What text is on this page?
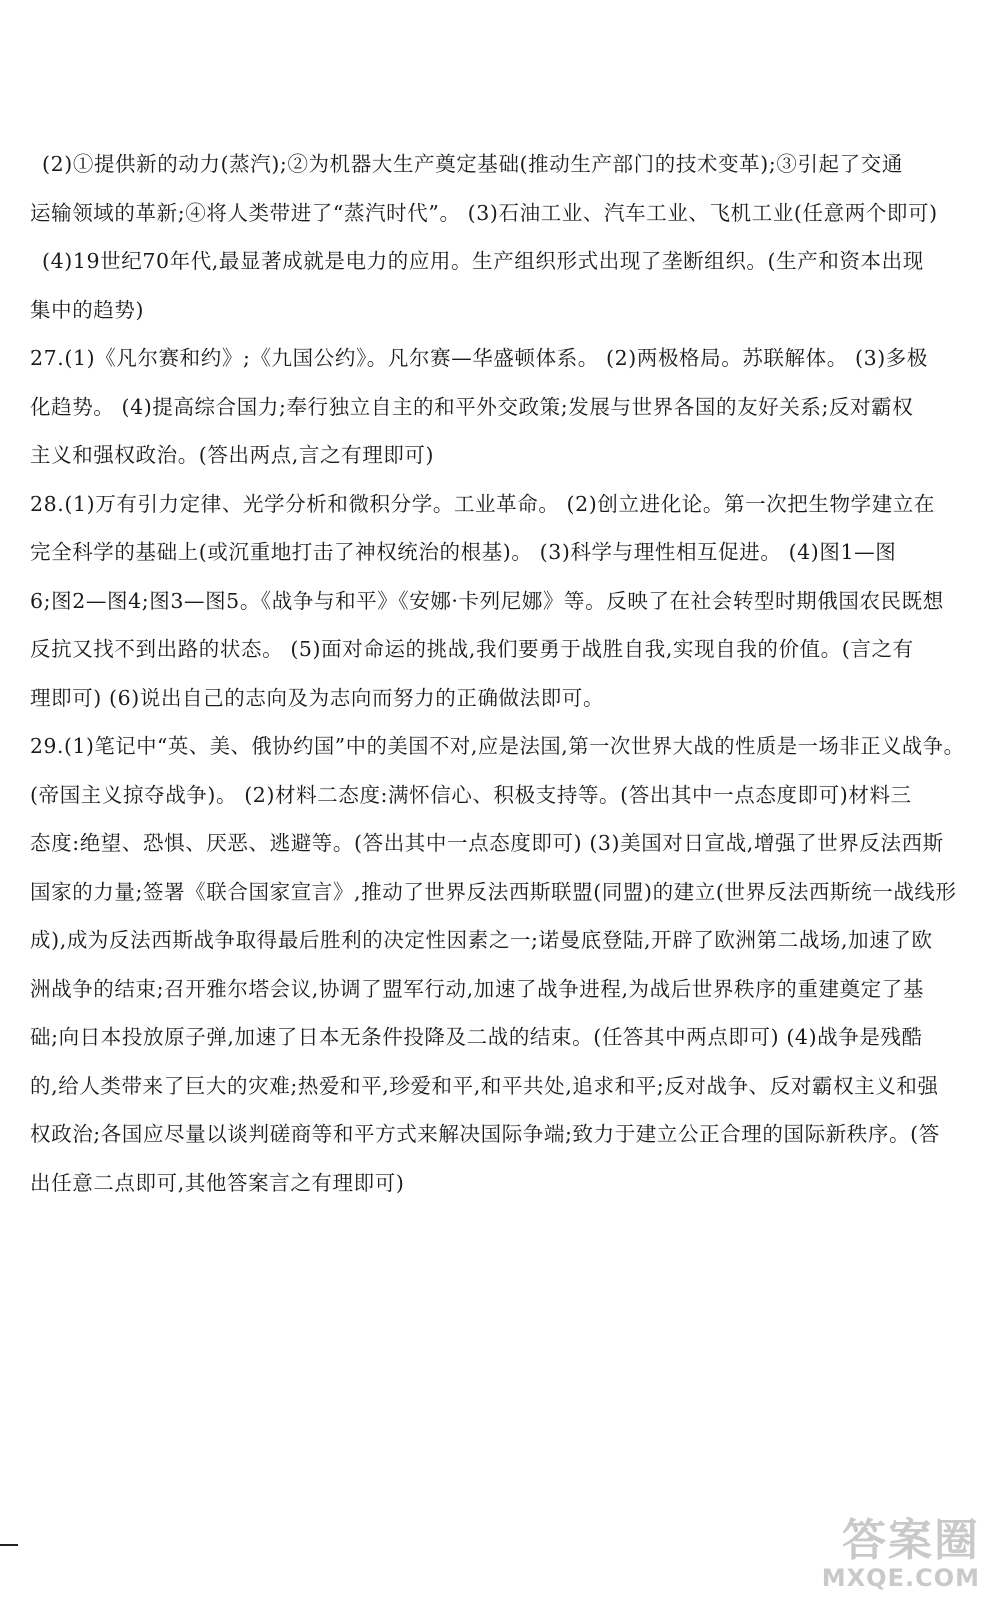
(2)①提供新的动力(蒸汽);②为机器大生产奠定基础(推动生产部门的技术变革);③引起了交通
运输领域的革新;④将人类带进了“蒸汽时代”。 (3)石油工业、汽车工业、飞机工业(任意两个即可)
(4)19世纪70年代,最显著成就是电力的应用。生产组织形式出现了垄断组织。(生产和资本出现
集中的趋势)
27.(1)《凡尔赛和约》;《九国公约》。凡尔赛—华盛顿体系。 (2)两极格局。苏联解体。 (3)多极
化趋势。 (4)提高综合国力;奉行独立自主的和平外交政策;发展与世界各国的友好关系;反对霸权
主义和强权政治。(答出两点,言之有理即可)
28.(1)万有引力定律、光学分析和微积分学。工业革命。 (2)创立进化论。第一次把生物学建立在
完全科学的基础上(或沉重地打击了神权统治的根基)。 (3)科学与理性相互促进。 (4)图1—图
6;图2—图4;图3—图5。《战争与和平》《安娜·卡列尼娜》等。反映了在社会转型时期俄国农民既想
反抗又找不到出路的状态。 (5)面对命运的挑战,我们要勇于战胜自我,实现自我的价值。(言之有
理即可) (6)说出自己的志向及为志向而努力的正确做法即可。
29.(1)笔记中“英、美、俄协约国”中的美国不对,应是法国,第一次世界大战的性质是一场非正义战争。
(帝国主义掠夺战争)。 (2)材料二态度:满怀信心、积极支持等。(答出其中一点态度即可)材料三
态度:绝望、恐惧、厌恶、逃避等。(答出其中一点态度即可) (3)美国对日宣战,增强了世界反法西斯
国家的力量;签署《联合国家宣言》,推动了世界反法西斯联盟(同盟)的建立(世界反法西斯统一战线形
成),成为反法西斯战争取得最后胜利的决定性因素之一;诺曼底登陆,开辟了欧洲第二战场,加速了欧
洲战争的结束;召开雅尔塔会议,协调了盟军行动,加速了战争进程,为战后世界秩序的重建奠定了基
础;向日本投放原子弹,加速了日本无条件投降及二战的结束。(任答其中两点即可) (4)战争是残酷
的,给人类带来了巨大的灾难;热爱和平,珍爱和平,和平共处,追求和平;反对战争、反对霸权主义和强
权政治;各国应尽量以谈判磋商等和平方式来解决国际争端;致力于建立公正合理的国际新秩序。(答
出任意二点即可,其他答案言之有理即可)
答案圈
MXQE.COM
